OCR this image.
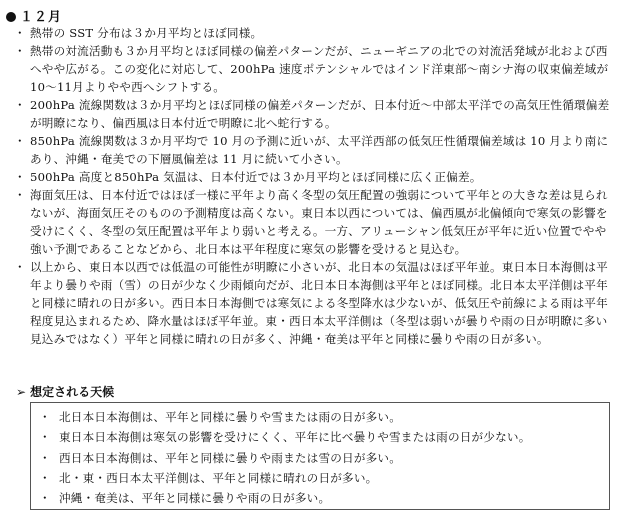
１２月
・ 熱帯の SST 分布は３か月平均とほぼ同様。
・ 熱帯の対流活動も３か月平均とほぼ同様の偏差パターンだが、ニューギニアの北での対流活発域が北および西へやや広がる。この変化に対応して、200hPa 速度ポテンシャルではインド洋東部～南シナ海の収束偏差域が10～11月よりやや西へシフトする。
・ 200hPa 流線関数は３か月平均とほぼ同様の偏差パターンだが、日本付近～中部太平洋での高気圧性循環偏差が明瞭になり、偏西風は日本付近で明瞭に北へ蛇行する。
・ 850hPa 流線関数は３か月平均で 10 月の予測に近いが、太平洋西部の低気圧性循環偏差域は 10 月より南にあり、沖縄・奄美での下層風偏差は 11 月に続いて小さい。
・ 500hPa 高度と850hPa 気温は、日本付近では３か月平均とほぼ同様に広く正偏差。
・ 海面気圧は、日本付近ではほぼ一様に平年より高く冬型の気圧配置の強弱について平年との大きな差は見られないが、海面気圧そのものの予測精度は高くない。東日本以西については、偏西風が北偏傾向で寒気の影響を受けにくく、冬型の気圧配置は平年より弱いと考える。一方、アリューシャン低気圧が平年に近い位置でやや強い予測であることなどから、北日本は平年程度に寒気の影響を受けると見込む。
・ 以上から、東日本以西では低温の可能性が明瞭に小さいが、北日本の気温はほぼ平年並。東日本日本海側は平年より曇りや雨（雪）の日が少なく少雨傾向だが、北日本日本海側は平年とほぼ同様。北日本太平洋側は平年と同様に晴れの日が多い。西日本日本海側では寒気による冬型降水は少ないが、低気圧や前線による雨は平年程度見込まれるため、降水量はほぼ平年並。東・西日本太平洋側は（冬型は弱いが曇りや雨の日が明瞭に多い見込みではなく）平年と同様に晴れの日が多く、沖縄・奄美は平年と同様に曇りや雨の日が多い。
➢ 想定される天候
・ 北日本日本海側は、平年と同様に曇りや雪または雨の日が多い。
・ 東日本日本海側は寒気の影響を受けにくく、平年に比べ曇りや雪または雨の日が少ない。
・ 西日本日本海側は、平年と同様に曇りや雨または雪の日が多い。
・ 北・東・西日本太平洋側は、平年と同様に晴れの日が多い。
・ 沖縄・奄美は、平年と同様に曇りや雨の日が多い。
